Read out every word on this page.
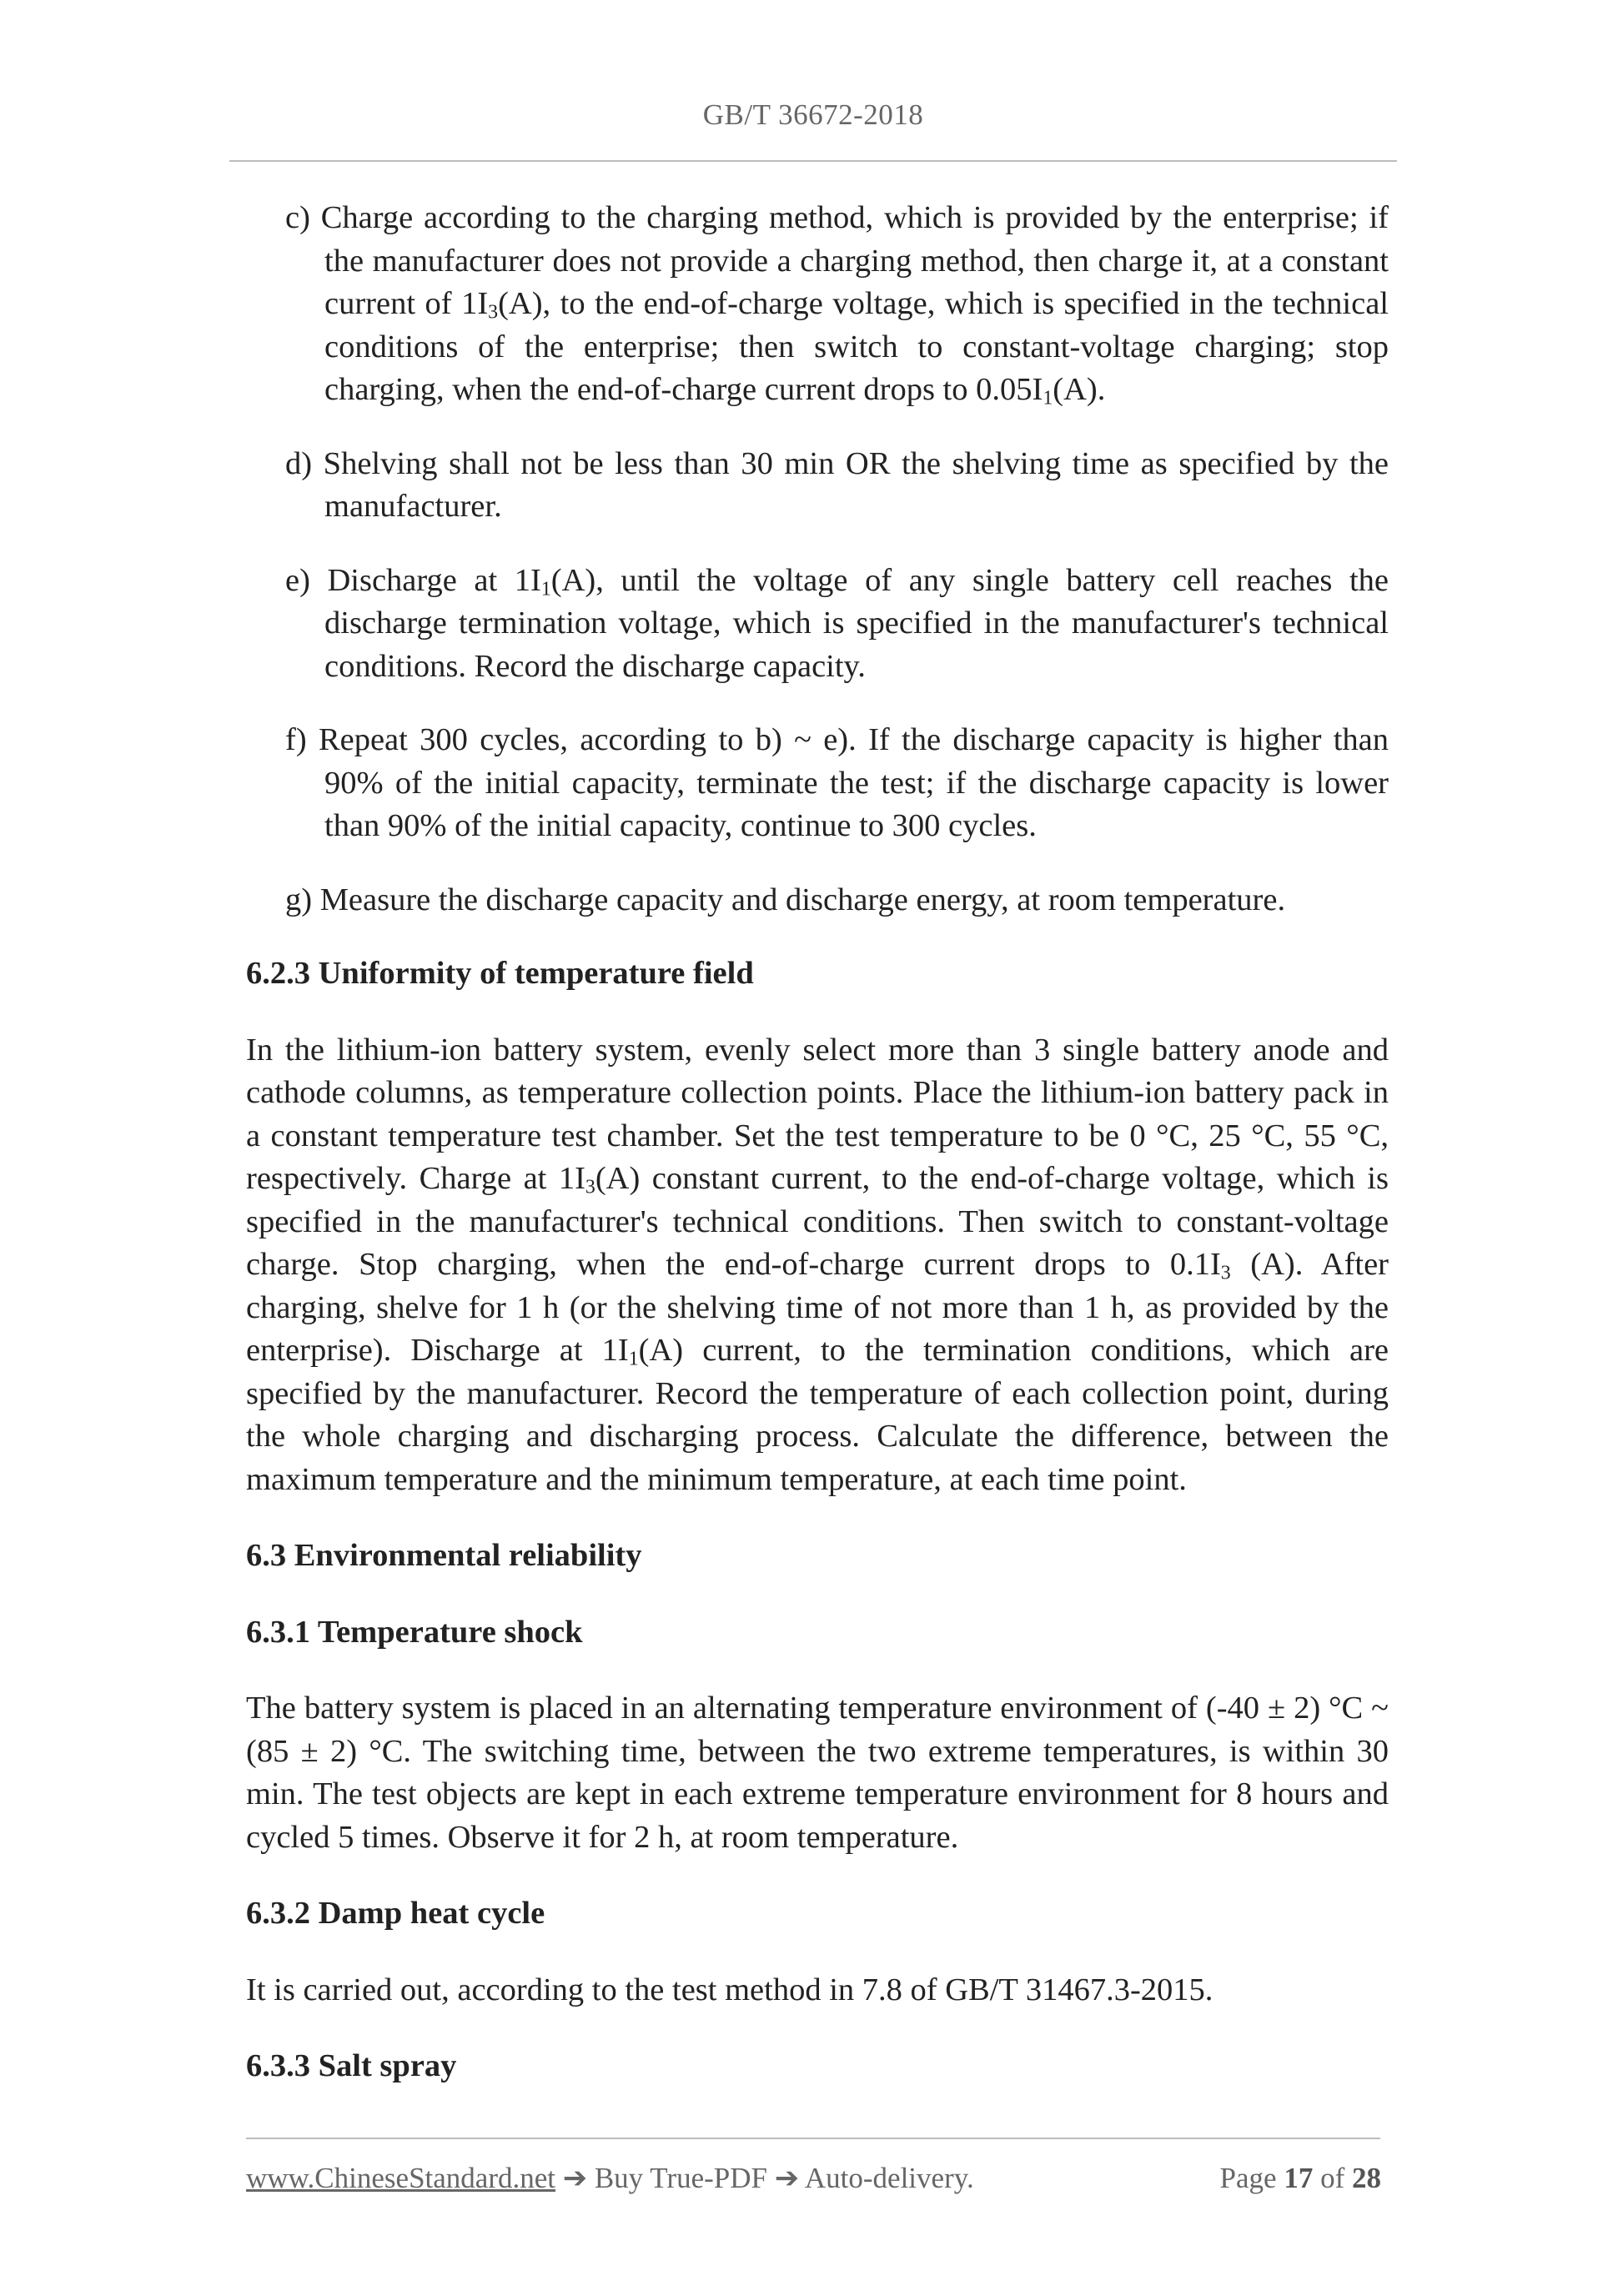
GB/T 36672-2018

c) Charge according to the charging method, which is provided by the enterprise; if the manufacturer does not provide a charging method, then charge it, at a constant current of $1I_3(A)$, to the end-of-charge voltage, which is specified in the technical conditions of the enterprise; then switch to constant-voltage charging; stop charging, when the end-of-charge current drops to $0.05I_1(A)$.

d) Shelving shall not be less than 30 min OR the shelving time as specified by the manufacturer.

e) Discharge at $1I_1(A)$, until the voltage of any single battery cell reaches the discharge termination voltage, which is specified in the manufacturer's technical conditions. Record the discharge capacity.

f) Repeat 300 cycles, according to b) ~ e). If the discharge capacity is higher than 90% of the initial capacity, terminate the test; if the discharge capacity is lower than 90% of the initial capacity, continue to 300 cycles.

g) Measure the discharge capacity and discharge energy, at room temperature.

6.2.3 Uniformity of temperature field

In the lithium-ion battery system, evenly select more than 3 single battery anode and cathode columns, as temperature collection points. Place the lithium-ion battery pack in a constant temperature test chamber. Set the test temperature to be 0 °C, 25 °C, 55 °C, respectively. Charge at $1I_3(A)$ constant current, to the end-of-charge voltage, which is specified in the manufacturer's technical conditions. Then switch to constant-voltage charge. Stop charging, when the end-of-charge current drops to $0.1I_3$ (A). After charging, shelve for 1 h (or the shelving time of not more than 1 h, as provided by the enterprise). Discharge at $1I_1(A)$ current, to the termination conditions, which are specified by the manufacturer. Record the temperature of each collection point, during the whole charging and discharging process. Calculate the difference, between the maximum temperature and the minimum temperature, at each time point.

6.3 Environmental reliability

6.3.1 Temperature shock

The battery system is placed in an alternating temperature environment of (-40 ± 2) °C ~ (85 ± 2) °C. The switching time, between the two extreme temperatures, is within 30 min. The test objects are kept in each extreme temperature environment for 8 hours and cycled 5 times. Observe it for 2 h, at room temperature.

6.3.2 Damp heat cycle

It is carried out, according to the test method in 7.8 of GB/T 31467.3-2015.

6.3.3 Salt spray

www.ChineseStandard.net ➔ Buy True-PDF ➔ Auto-delivery.	Page 17 of 28
